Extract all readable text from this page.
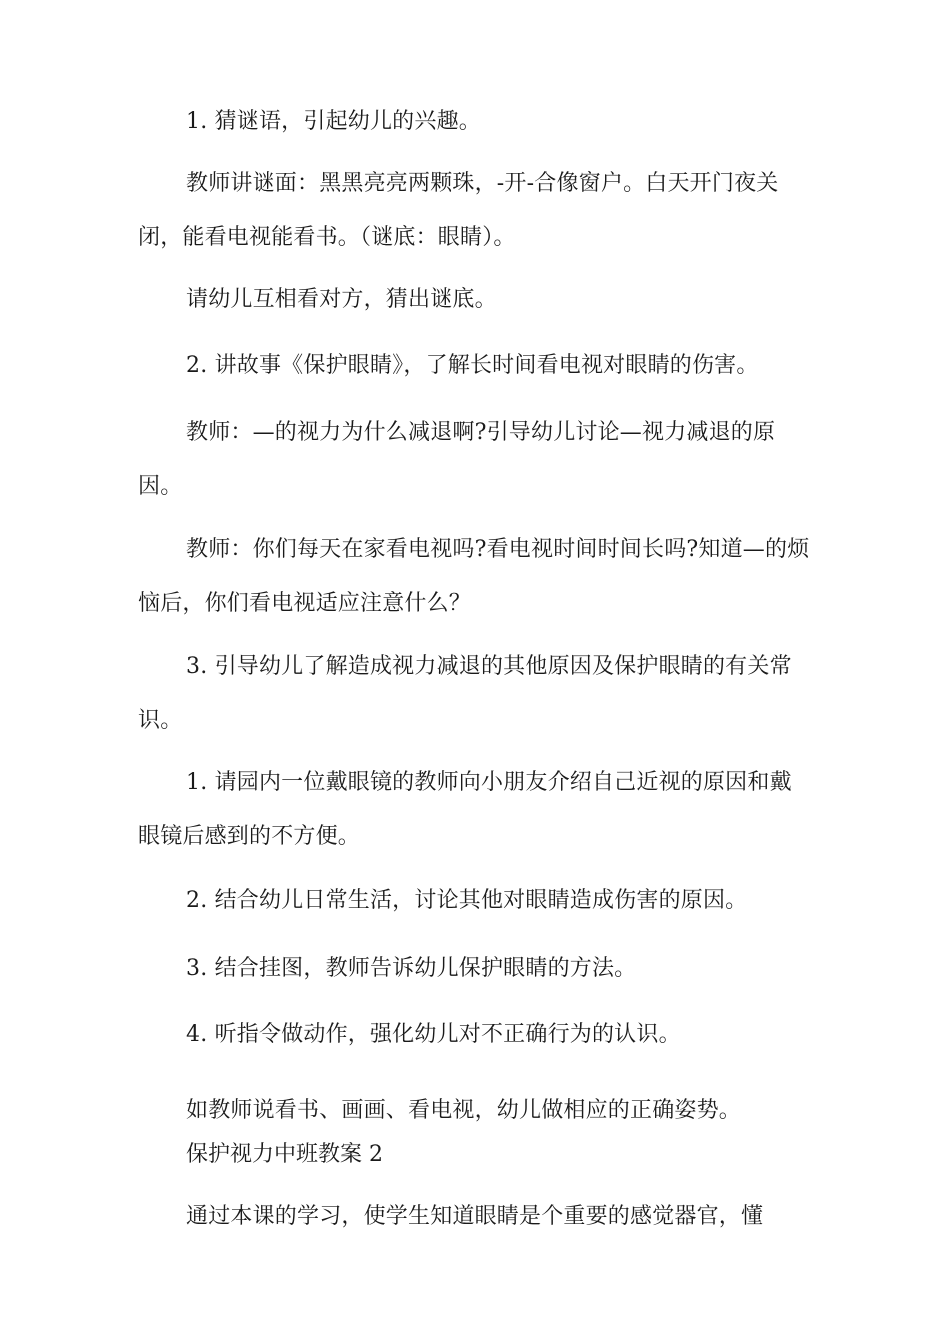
1. 猜谜语，引起幼儿的兴趣。
教师讲谜面：黑黑亮亮两颗珠，-开-合像窗户。白天开门夜关闭，能看电视能看书。（谜底：眼睛）。
请幼儿互相看对方，猜出谜底。
2. 讲故事《保护眼睛》，了解长时间看电视对眼睛的伤害。
教师：—的视力为什么减退啊?引导幼儿讨论—视力减退的原因。
教师：你们每天在家看电视吗?看电视时间时间长吗?知道—的烦恼后，你们看电视适应注意什么？
3. 引导幼儿了解造成视力减退的其他原因及保护眼睛的有关常识。
1. 请园内一位戴眼镜的教师向小朋友介绍自己近视的原因和戴眼镜后感到的不方便。
2. 结合幼儿日常生活，讨论其他对眼睛造成伤害的原因。
3. 结合挂图，教师告诉幼儿保护眼睛的方法。
4. 听指令做动作，强化幼儿对不正确行为的认识。
如教师说看书、画画、看电视，幼儿做相应的正确姿势。
保护视力中班教案 2
通过本课的学习，使学生知道眼睛是个重要的感觉器官，懂
